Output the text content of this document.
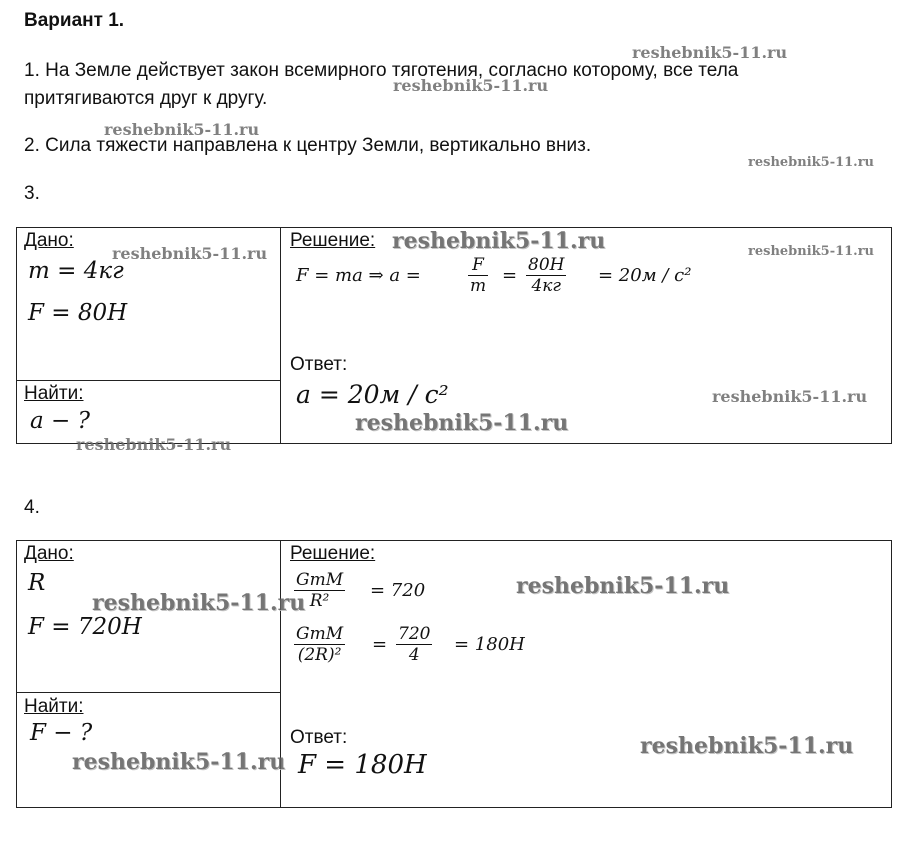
Вариант 1.
1. На Земле действует закон всемирного тяготения, согласно которому, все тела
притягиваются друг к другу.
2. Сила тяжести направлена к центру Земли, вертикально вниз.
3.
Дано:
m = 4кг
F = 80H
Найти:
a − ?
Решение:
F = ma ⇒ a =	F
m = 80H
4кг = 20м / с²
Ответ:
a = 20м / с²
4.
Дано:
R
F = 720H
Найти:
F − ?
Решение:
GmM
R² = 720
GmM
(2R)² = 720
4 = 180H
Ответ:
F = 180H
reshebnik5-11.ru
reshebnik5-11.ru
reshebnik5-11.ru
reshebnik5-11.ru
reshebnik5-11.ru	reshebnik5-11.ru	reshebnik5-11.ru
reshebnik5-11.ru
reshebnik5-11.ru
reshebnik5-11.ru
reshebnik5-11.ru
reshebnik5-11.ru
reshebnik5-11.ru
reshebnik5-11.ru
